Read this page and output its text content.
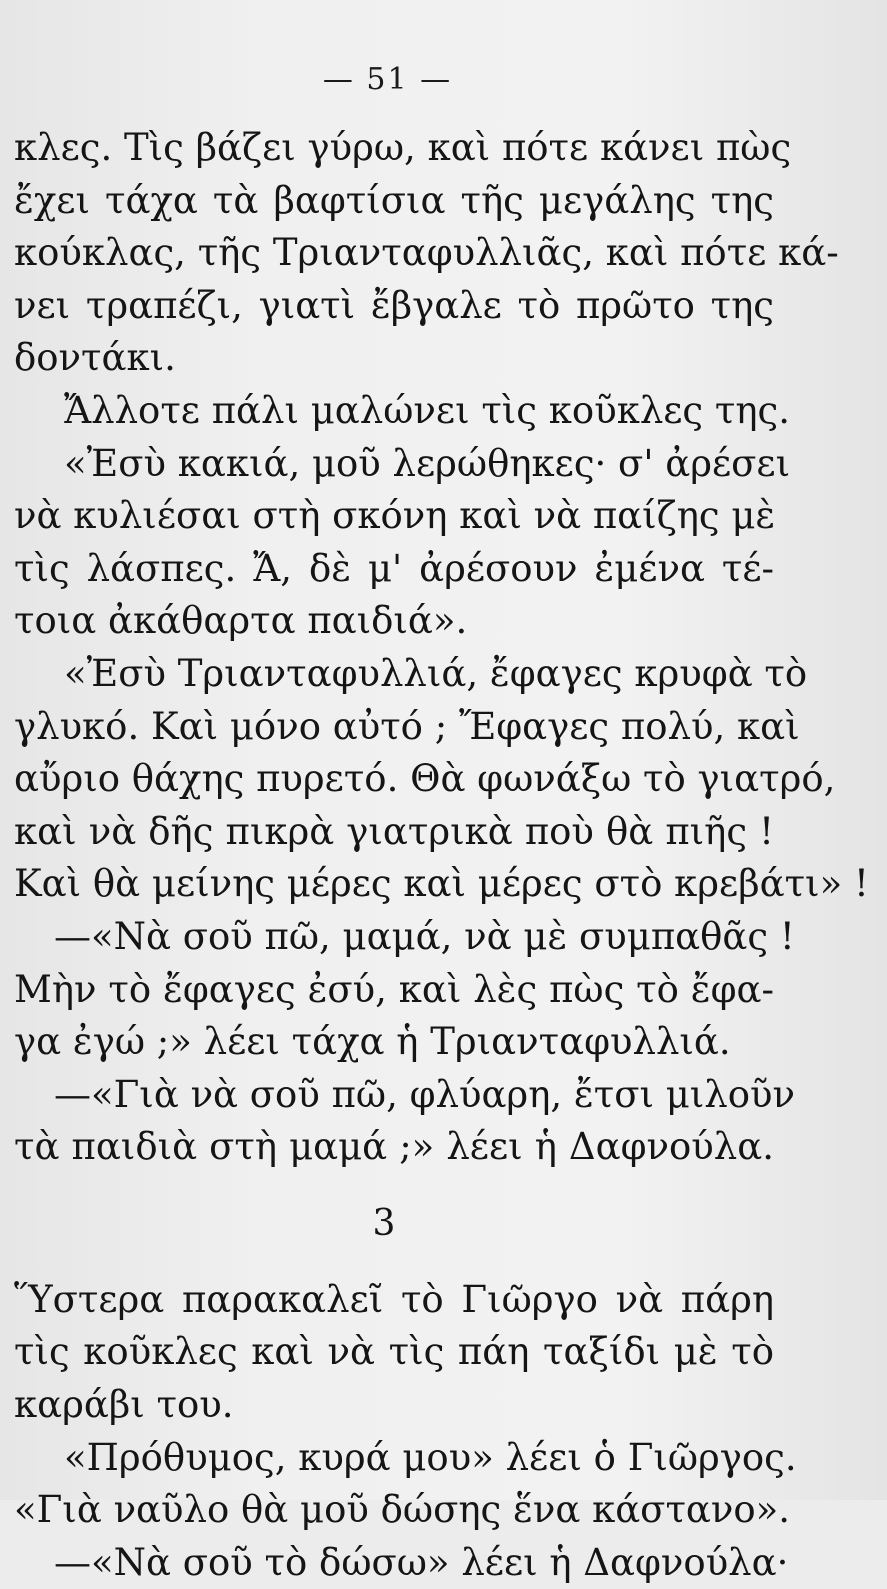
— 51 —
κλες. Τὶς βάζει γύρω, καὶ πότε κάνει πὼς
ἔχει τάχα τὰ βαφτίσια τῆς μεγάλης της
κούκλας, τῆς Τριανταφυλλιᾶς, καὶ πότε κά-
νει τραπέζι, γιατὶ ἔβγαλε τὸ πρῶτο της
δοντάκι.
Ἄλλοτε πάλι μαλώνει τὶς κοῦκλες της.
«Ἐσὺ κακιά, μοῦ λερώθηκες· σ' ἀρέσει
νὰ κυλιέσαι στὴ σκόνη καὶ νὰ παίζης μὲ
τὶς λάσπες. Ἄ, δὲ μ' ἀρέσουν ἐμένα τέ-
τοια ἀκάθαρτα παιδιά».
«Ἐσὺ Τριανταφυλλιά, ἔφαγες κρυφὰ τὸ
γλυκό. Καὶ μόνο αὐτό ; Ἔφαγες πολύ, καὶ
αὔριο θάχης πυρετό. Θὰ φωνάξω τὸ γιατρό,
καὶ νὰ δῆς πικρὰ γιατρικὰ ποὺ θὰ πιῆς !
Καὶ θὰ μείνης μέρες καὶ μέρες στὸ κρεβάτι» !
—«Νὰ σοῦ πῶ, μαμά, νὰ μὲ συμπαθᾶς !
Μὴν τὸ ἔφαγες ἐσύ, καὶ λὲς πὼς τὸ ἔφα-
γα ἐγώ ;» λέει τάχα ἡ Τριανταφυλλιά.
—«Γιὰ νὰ σοῦ πῶ, φλύαρη, ἔτσι μιλοῦν
τὰ παιδιὰ στὴ μαμά ;» λέει ἡ Δαφνούλα.
3
Ὕστερα παρακαλεῖ τὸ Γιῶργο νὰ πάρη
τὶς κοῦκλες καὶ νὰ τὶς πάη ταξίδι μὲ τὸ
καράβι του.
«Πρόθυμος, κυρά μου» λέει ὁ Γιῶργος.
«Γιὰ ναῦλο θὰ μοῦ δώσης ἕνα κάστανο».
—«Νὰ σοῦ τὸ δώσω» λέει ἡ Δαφνούλα·
